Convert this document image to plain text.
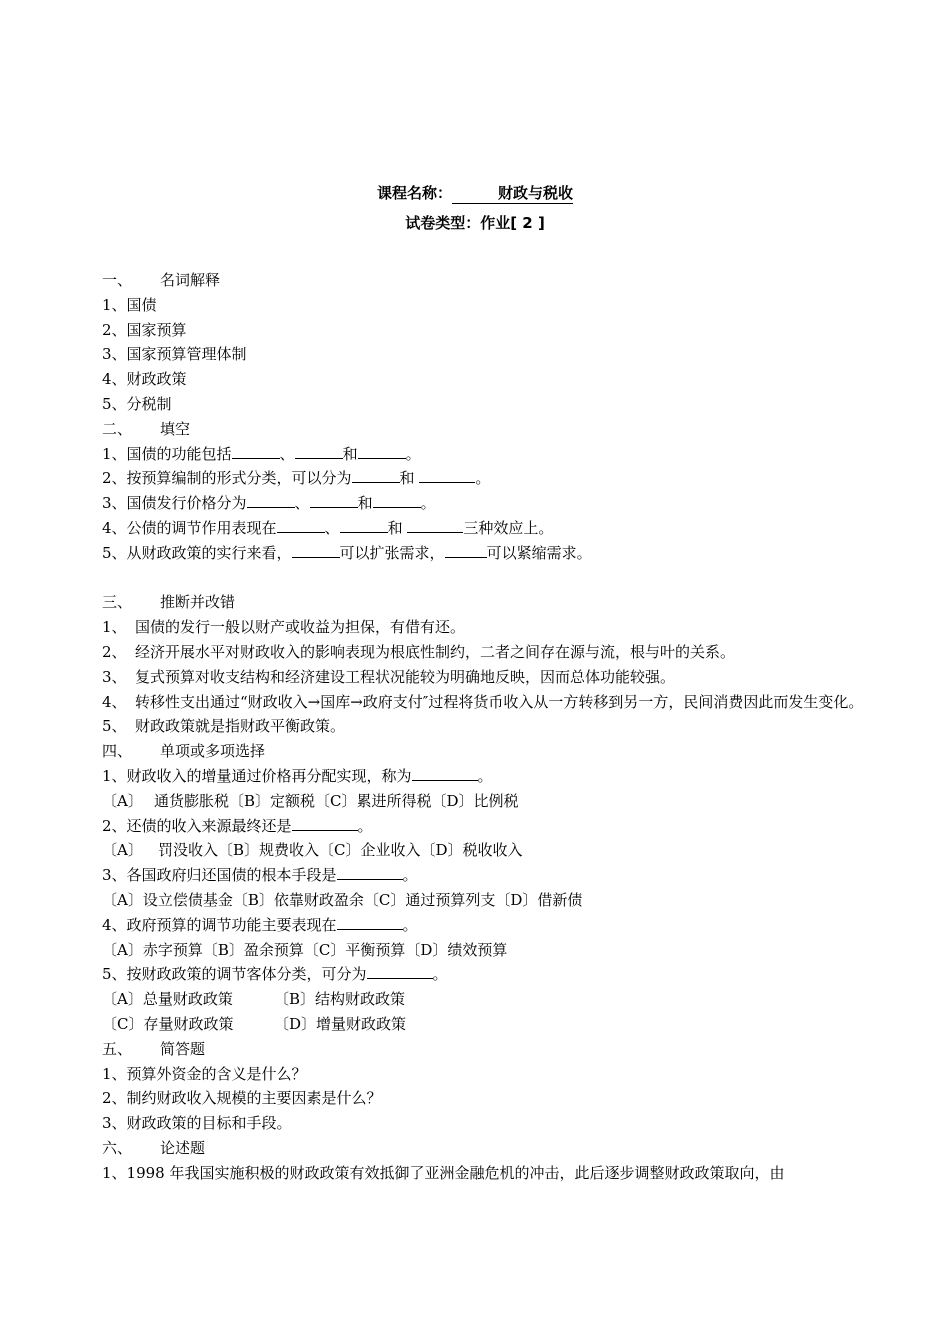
课程名称：	财政与税收
试卷类型：作业[ 2 ]
一、 名词解释
1、国债
2、国家预算
3、国家预算管理体制
4、财政政策
5、分税制
二、 填空
1、国债的功能包括	、	和	。
2、按预算编制的形式分类，可以分为	和	。
3、国债发行价格分为	、	和	。
4、公债的调节作用表现在	、	和	三种效应上。
5、从财政政策的实行来看，	可以扩张需求，	可以紧缩需求。
三、 推断并改错
1、 国债的发行一般以财产或收益为担保，有借有还。
2、 经济开展水平对财政收入的影响表现为根底性制约，二者之间存在源与流，根与叶的关系。
3、 复式预算对收支结构和经济建设工程状况能较为明确地反映，因而总体功能较强。
4、 转移性支出通过“财政收入→国库→政府支付″过程将货币收入从一方转移到另一方，民间消费因此而发生变化。
5、 财政政策就是指财政平衡政策。
四、 单项或多项选择
1、财政收入的增量通过价格再分配实现，称为	。
〔A〕 通货膨胀税〔B〕定额税〔C〕累进所得税〔D〕比例税
2、还债的收入来源最终还是	。
〔A〕 罚没收入〔B〕规费收入〔C〕企业收入〔D〕税收收入
3、各国政府归还国债的根本手段是	。
〔A〕设立偿债基金〔B〕依靠财政盈余〔C〕通过预算列支〔D〕借新债
4、政府预算的调节功能主要表现在	。
〔A〕赤字预算〔B〕盈余预算〔C〕平衡预算〔D〕绩效预算
5、按财政政策的调节客体分类，可分为	。
〔A〕总量财政政策	〔B〕结构财政政策
〔C〕存量财政政策	〔D〕增量财政政策
五、 简答题
1、预算外资金的含义是什么？
2、制约财政收入规模的主要因素是什么？
3、财政政策的目标和手段。
六、 论述题
1、1998 年我国实施积极的财政政策有效抵御了亚洲金融危机的冲击，此后逐步调整财政政策取向，由
